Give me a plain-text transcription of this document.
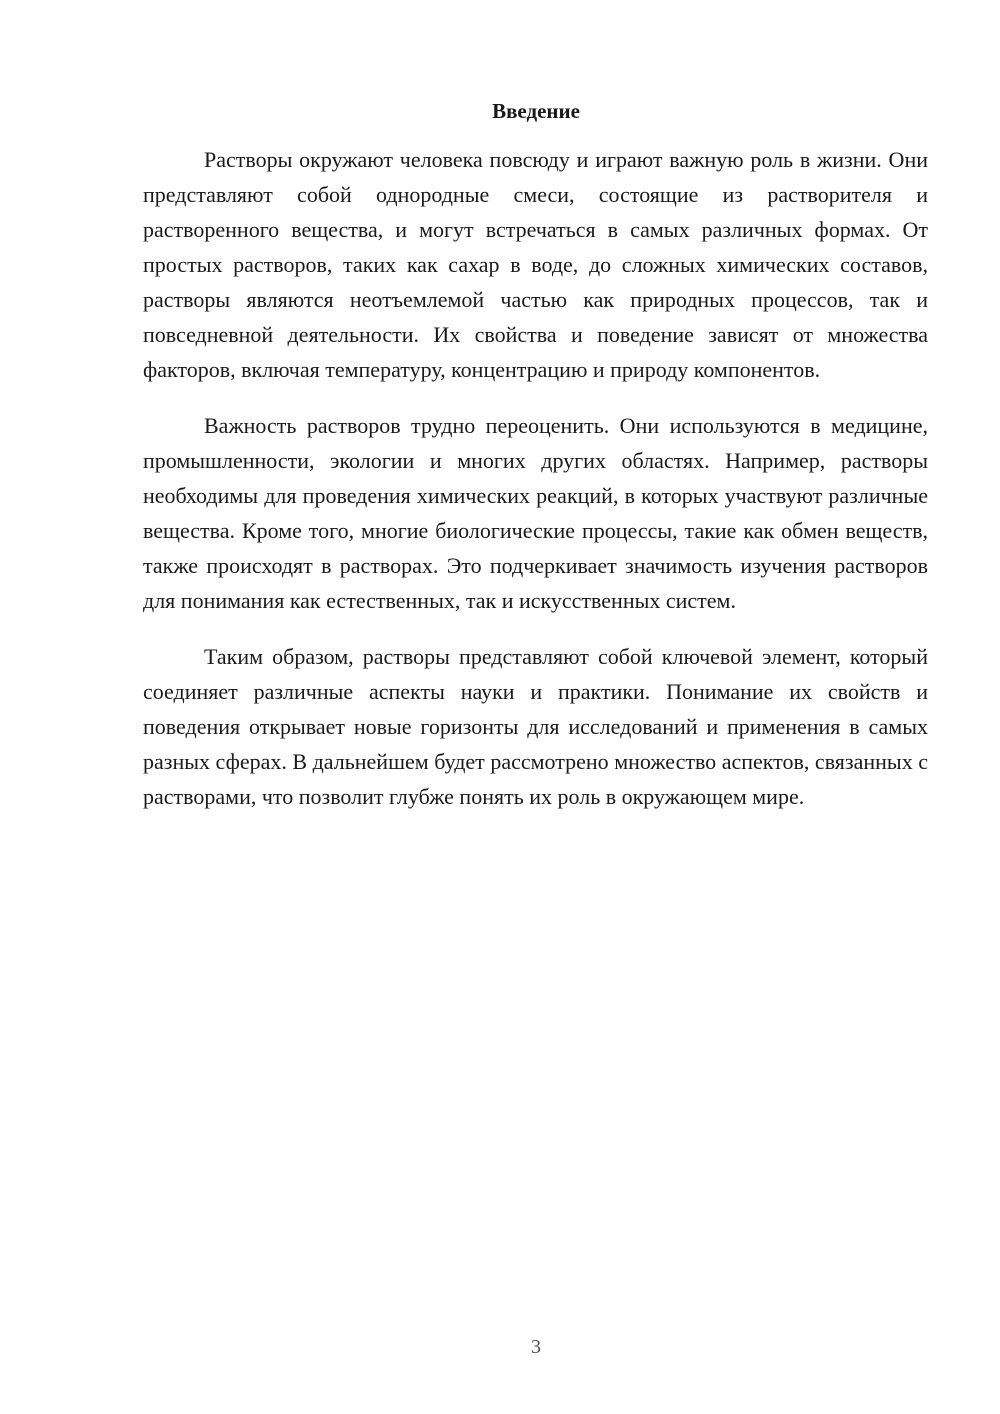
Введение

Растворы окружают человека повсюду и играют важную роль в жизни. Они представляют собой однородные смеси, состоящие из растворителя и растворенного вещества, и могут встречаться в самых различных формах. От простых растворов, таких как сахар в воде, до сложных химических составов, растворы являются неотъемлемой частью как природных процессов, так и повседневной деятельности. Их свойства и поведение зависят от множества факторов, включая температуру, концентрацию и природу компонентов.

Важность растворов трудно переоценить. Они используются в медицине, промышленности, экологии и многих других областях. Например, растворы необходимы для проведения химических реакций, в которых участвуют различные вещества. Кроме того, многие биологические процессы, такие как обмен веществ, также происходят в растворах. Это подчеркивает значимость изучения растворов для понимания как естественных, так и искусственных систем.

Таким образом, растворы представляют собой ключевой элемент, который соединяет различные аспекты науки и практики. Понимание их свойств и поведения открывает новые горизонты для исследований и применения в самых разных сферах. В дальнейшем будет рассмотрено множество аспектов, связанных с растворами, что позволит глубже понять их роль в окружающем мире.

3
